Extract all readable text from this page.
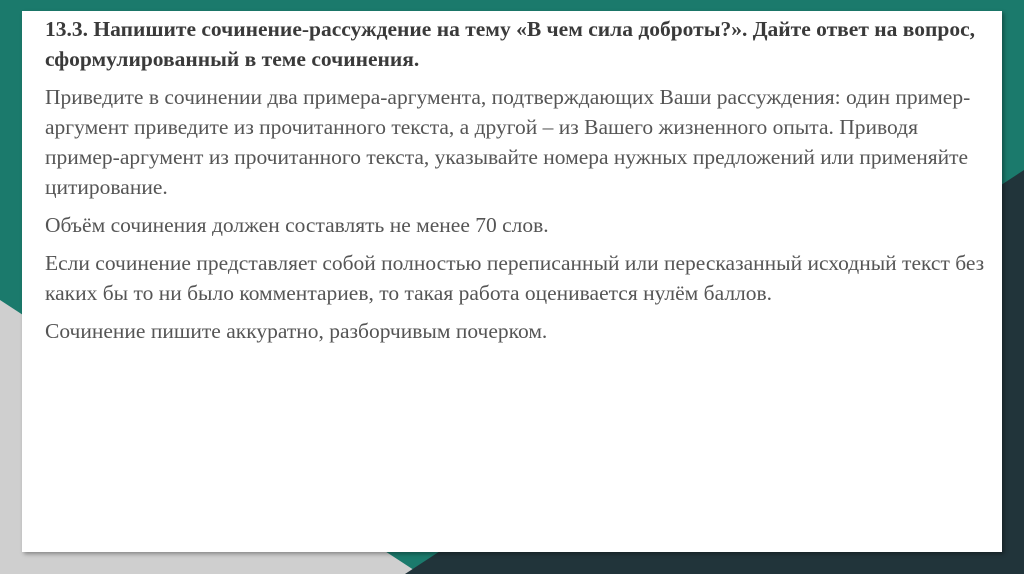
13.3. Напишите сочинение-рассуждение на тему «В чем сила доброты?». Дайте ответ на вопрос, сформулированный в теме сочинения.

Приведите в сочинении два примера-аргумента, подтверждающих Ваши рассуждения: один пример-аргумент приведите из прочитанного текста, а другой – из Вашего жизненного опыта. Приводя пример-аргумент из прочитанного текста, указывайте номера нужных предложений или применяйте цитирование.

Объём сочинения должен составлять не менее 70 слов.

Если сочинение представляет собой полностью переписанный или пересказанный исходный текст без каких бы то ни было комментариев, то такая работа оценивается нулём баллов.

Сочинение пишите аккуратно, разборчивым почерком.
